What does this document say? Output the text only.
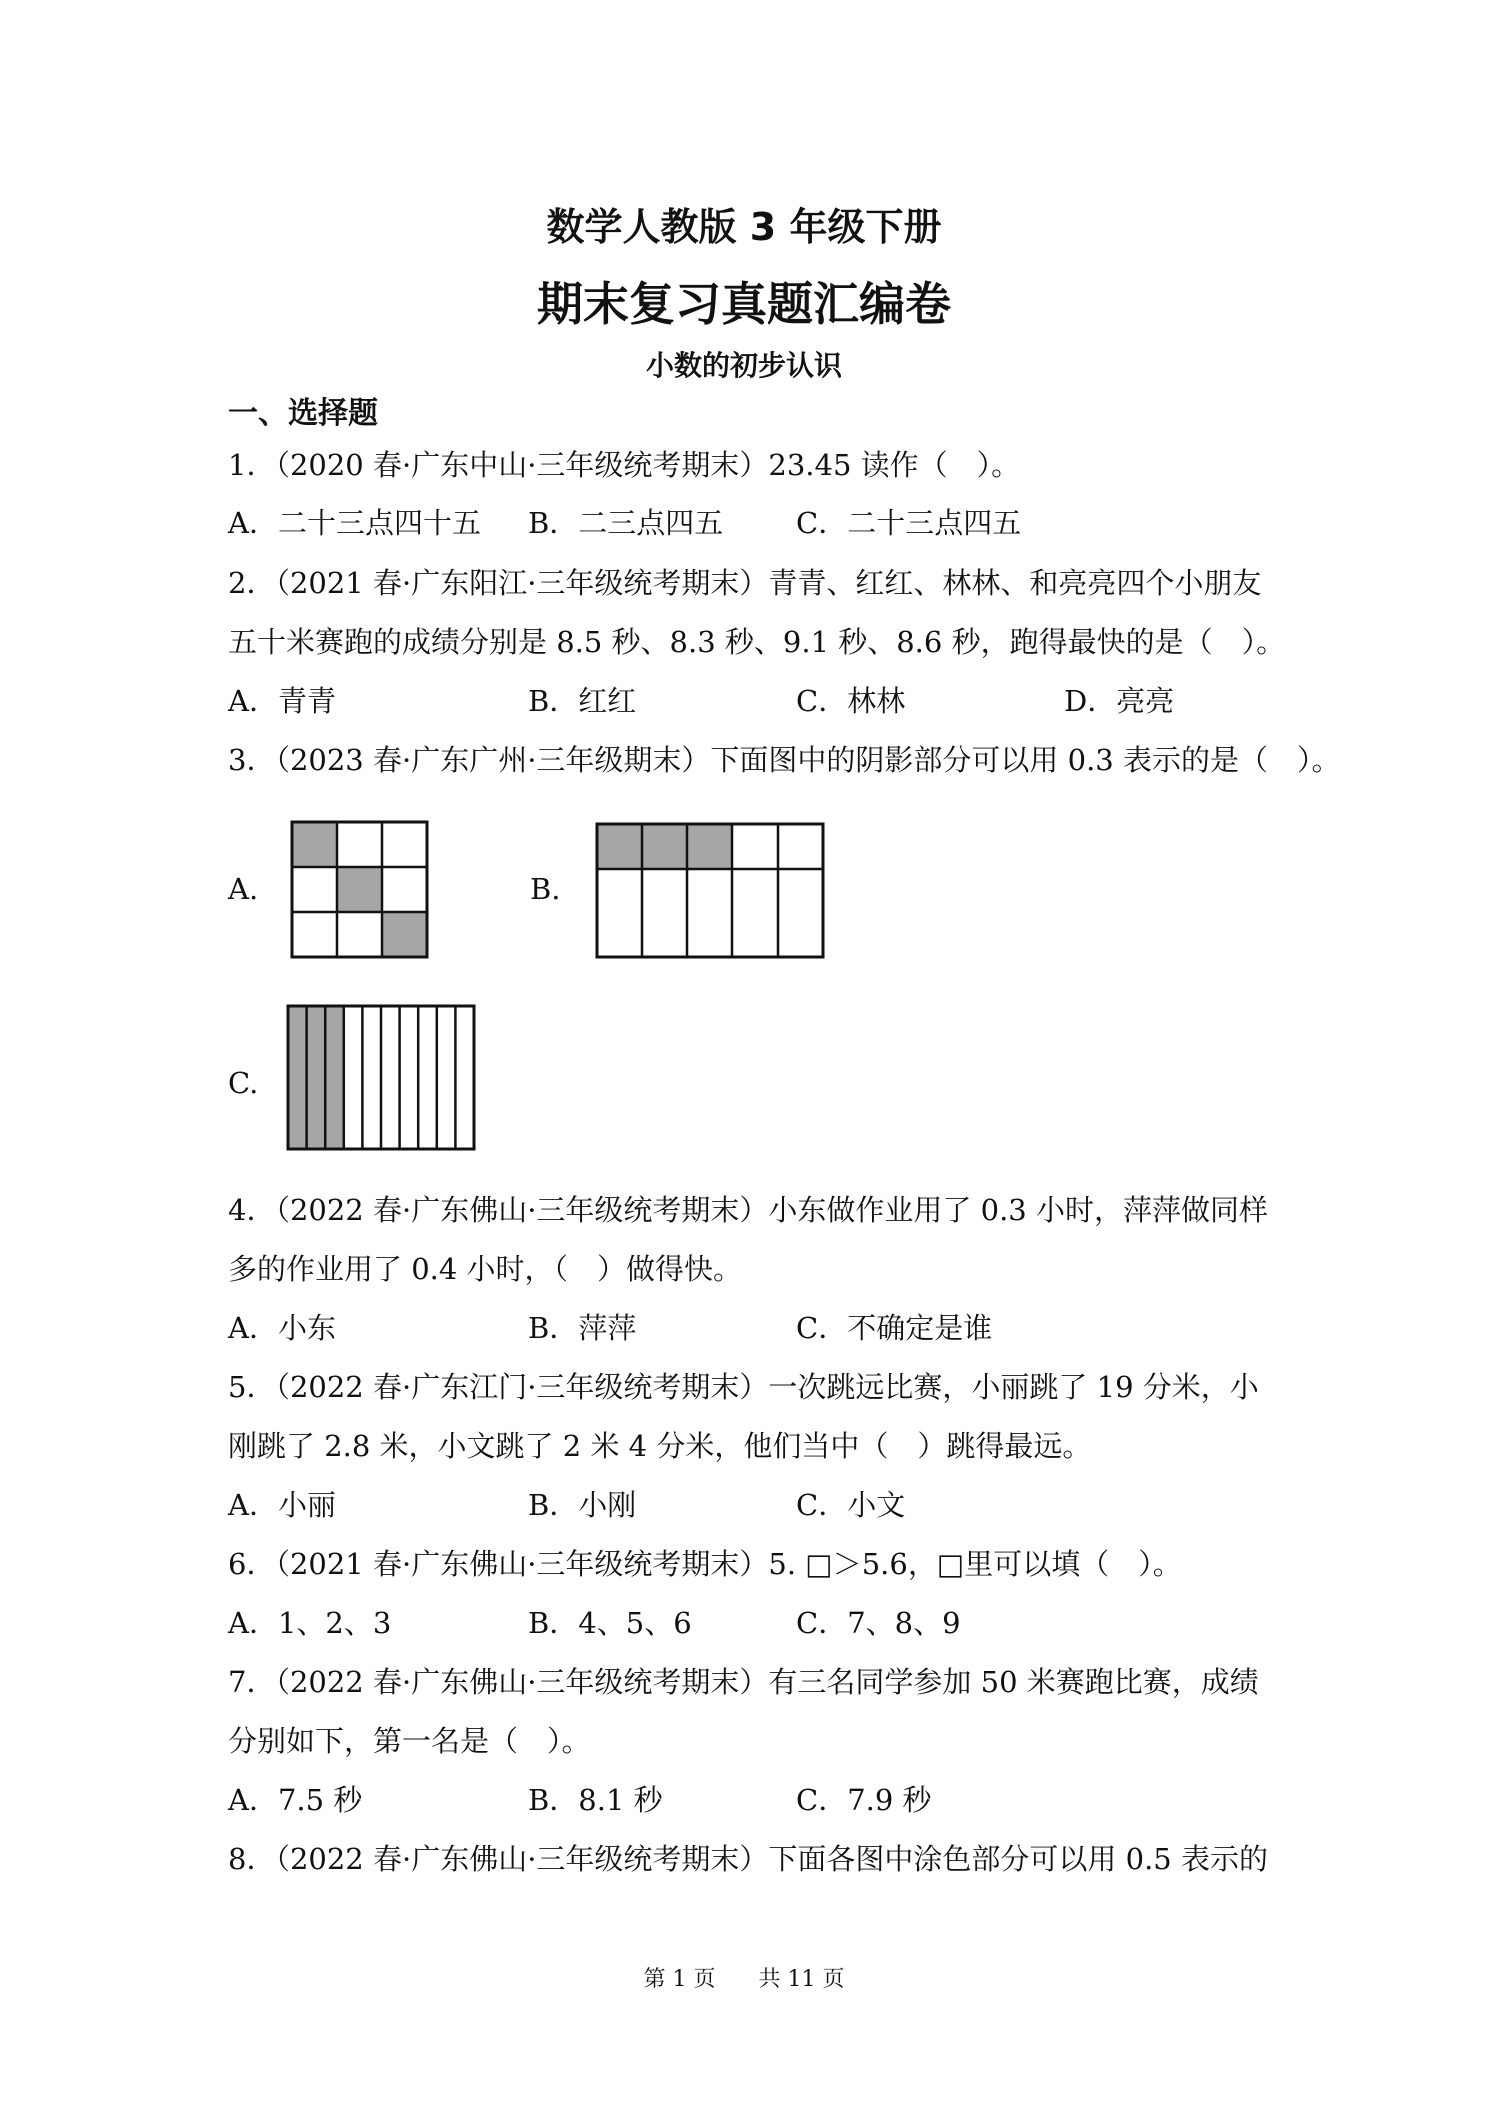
数学人教版 3 年级下册
期末复习真题汇编卷
小数的初步认识
一、选择题
1．（2020 春·广东中山·三年级统考期末）23.45 读作（　）。
A．二十三点四十五 B．二三点四五	C．二十三点四五
2．（2021 春·广东阳江·三年级统考期末）青青、红红、林林、和亮亮四个小朋友
五十米赛跑的成绩分别是 8.5 秒、8.3 秒、9.1 秒、8.6 秒，跑得最快的是（　）。
A．青青	B．红红	C．林林	D．亮亮
3．（2023 春·广东广州·三年级期末）下面图中的阴影部分可以用 0.3 表示的是（　）。
A.	B.
C.
4．（2022 春·广东佛山·三年级统考期末）小东做作业用了 0.3 小时，萍萍做同样
多的作业用了 0.4 小时，（　）做得快。
A．小东	B．萍萍	C．不确定是谁
5．（2022 春·广东江门·三年级统考期末）一次跳远比赛，小丽跳了 19 分米，小
刚跳了 2.8 米，小文跳了 2 米 4 分米，他们当中（　）跳得最远。
A．小丽	B．小刚	C．小文
6．（2021 春·广东佛山·三年级统考期末）5. □＞5.6，□里可以填（　）。
A．1、2、3	B．4、5、6	C．7、8、9
7．（2022 春·广东佛山·三年级统考期末）有三名同学参加 50 米赛跑比赛，成绩
分别如下，第一名是（　）。
A．7.5 秒	B．8.1 秒	C．7.9 秒
8．（2022 春·广东佛山·三年级统考期末）下面各图中涂色部分可以用 0.5 表示的
第 1 页 共 11 页
